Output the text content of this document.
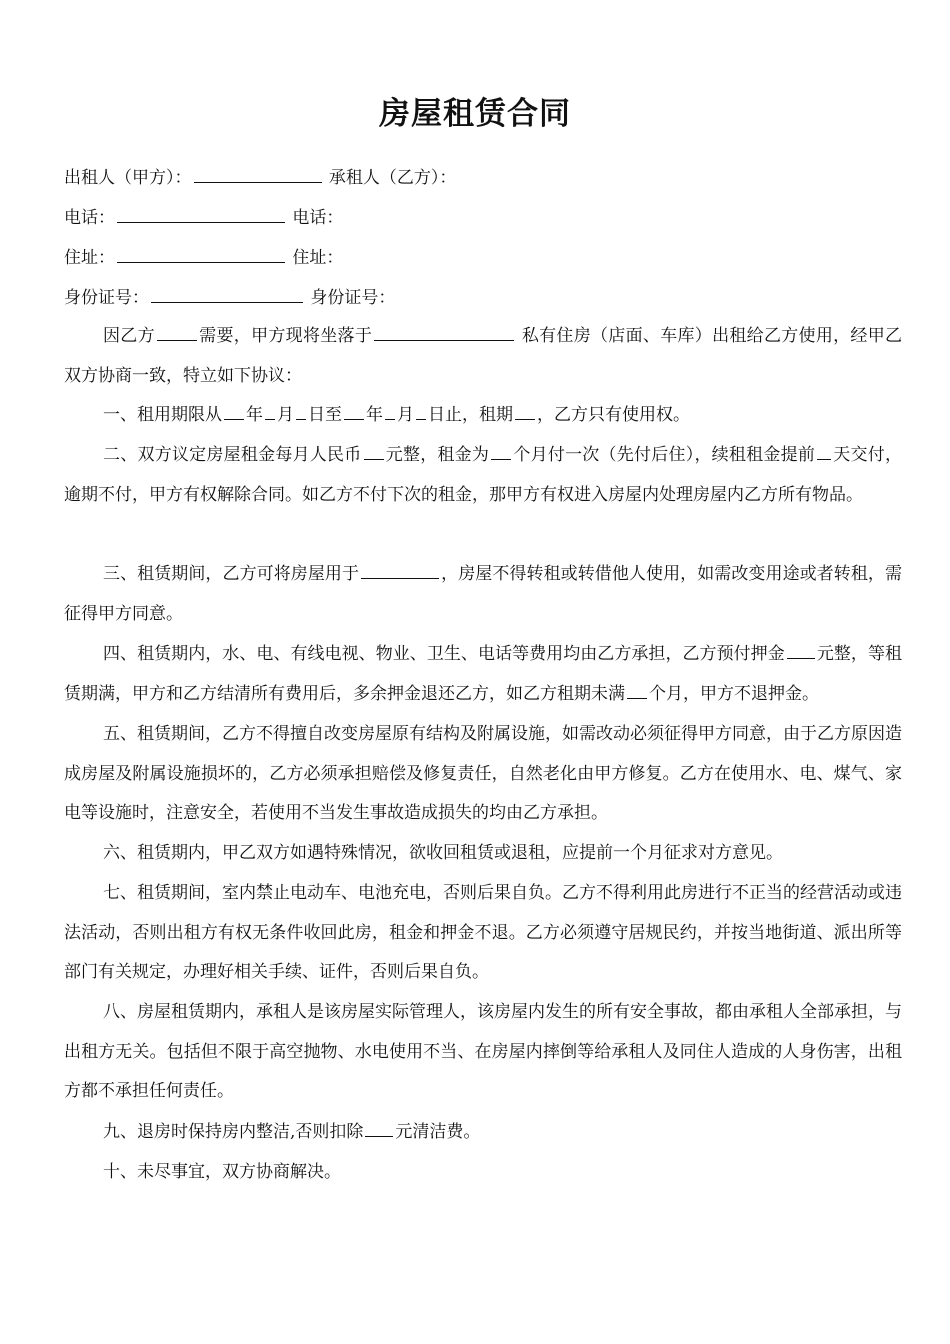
房屋租赁合同
出租人（甲方）：	承租人（乙方）：
电话：	电话：
住址：	住址：
身份证号：	身份证号：
因乙方	需要，甲方现将坐落于	私有住房（店面、车库）出租给乙方使用，经甲乙双方协商一致，特立如下协议：
一、租用期限从 年 月 日至 年 月 日止，租期 ，乙方只有使用权。
二、双方议定房屋租金每月人民币 元整，租金为 个月付一次（先付后住），续租租金提前 天交付，逾期不付，甲方有权解除合同。如乙方不付下次的租金，那甲方有权进入房屋内处理房屋内乙方所有物品。
三、租赁期间，乙方可将房屋用于	，房屋不得转租或转借他人使用，如需改变用途或者转租，需征得甲方同意。
四、租赁期内，水、电、有线电视、物业、卫生、电话等费用均由乙方承担，乙方预付押金 元整，等租赁期满，甲方和乙方结清所有费用后，多余押金退还乙方，如乙方租期未满 个月，甲方不退押金。
五、租赁期间，乙方不得擅自改变房屋原有结构及附属设施，如需改动必须征得甲方同意，由于乙方原因造成房屋及附属设施损坏的，乙方必须承担赔偿及修复责任，自然老化由甲方修复。乙方在使用水、电、煤气、家电等设施时，注意安全，若使用不当发生事故造成损失的均由乙方承担。
六、租赁期内，甲乙双方如遇特殊情况，欲收回租赁或退租，应提前一个月征求对方意见。
七、租赁期间，室内禁止电动车、电池充电，否则后果自负。乙方不得利用此房进行不正当的经营活动或违法活动，否则出租方有权无条件收回此房，租金和押金不退。乙方必须遵守居规民约，并按当地街道、派出所等部门有关规定，办理好相关手续、证件，否则后果自负。
八、房屋租赁期内，承租人是该房屋实际管理人，该房屋内发生的所有安全事故，都由承租人全部承担，与出租方无关。包括但不限于高空抛物、水电使用不当、在房屋内摔倒等给承租人及同住人造成的人身伤害，出租方都不承担任何责任。
九、退房时保持房内整洁,否则扣除 元清洁费。
十、未尽事宜，双方协商解决。
